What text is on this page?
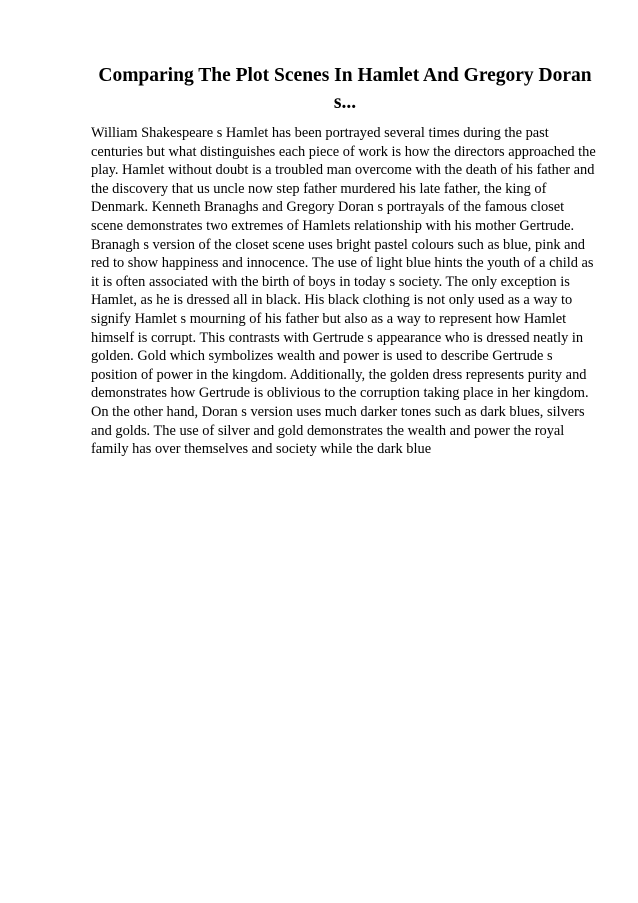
Comparing The Plot Scenes In Hamlet And Gregory Doran s...

William Shakespeare s Hamlet has been portrayed several times during the past centuries but what distinguishes each piece of work is how the directors approached the play. Hamlet without doubt is a troubled man overcome with the death of his father and the discovery that us uncle now step father murdered his late father, the king of Denmark. Kenneth Branaghs and Gregory Doran s portrayals of the famous closet scene demonstrates two extremes of Hamlets relationship with his mother Gertrude.

Branagh s version of the closet scene uses bright pastel colours such as blue, pink and red to show happiness and innocence. The use of light blue hints the youth of a child as it is often associated with the birth of boys in today s society. The only exception is Hamlet, as he is dressed all in black. His black clothing is not only used as a way to signify Hamlet s mourning of his father but also as a way to represent how Hamlet himself is corrupt. This contrasts with Gertrude s appearance who is dressed neatly in golden. Gold which symbolizes wealth and power is used to describe Gertrude s position of power in the kingdom. Additionally, the golden dress represents purity and demonstrates how Gertrude is oblivious to the corruption taking place in her kingdom.

On the other hand, Doran s version uses much darker tones such as dark blues, silvers and golds. The use of silver and gold demonstrates the wealth and power the royal family has over themselves and society while the dark blue
